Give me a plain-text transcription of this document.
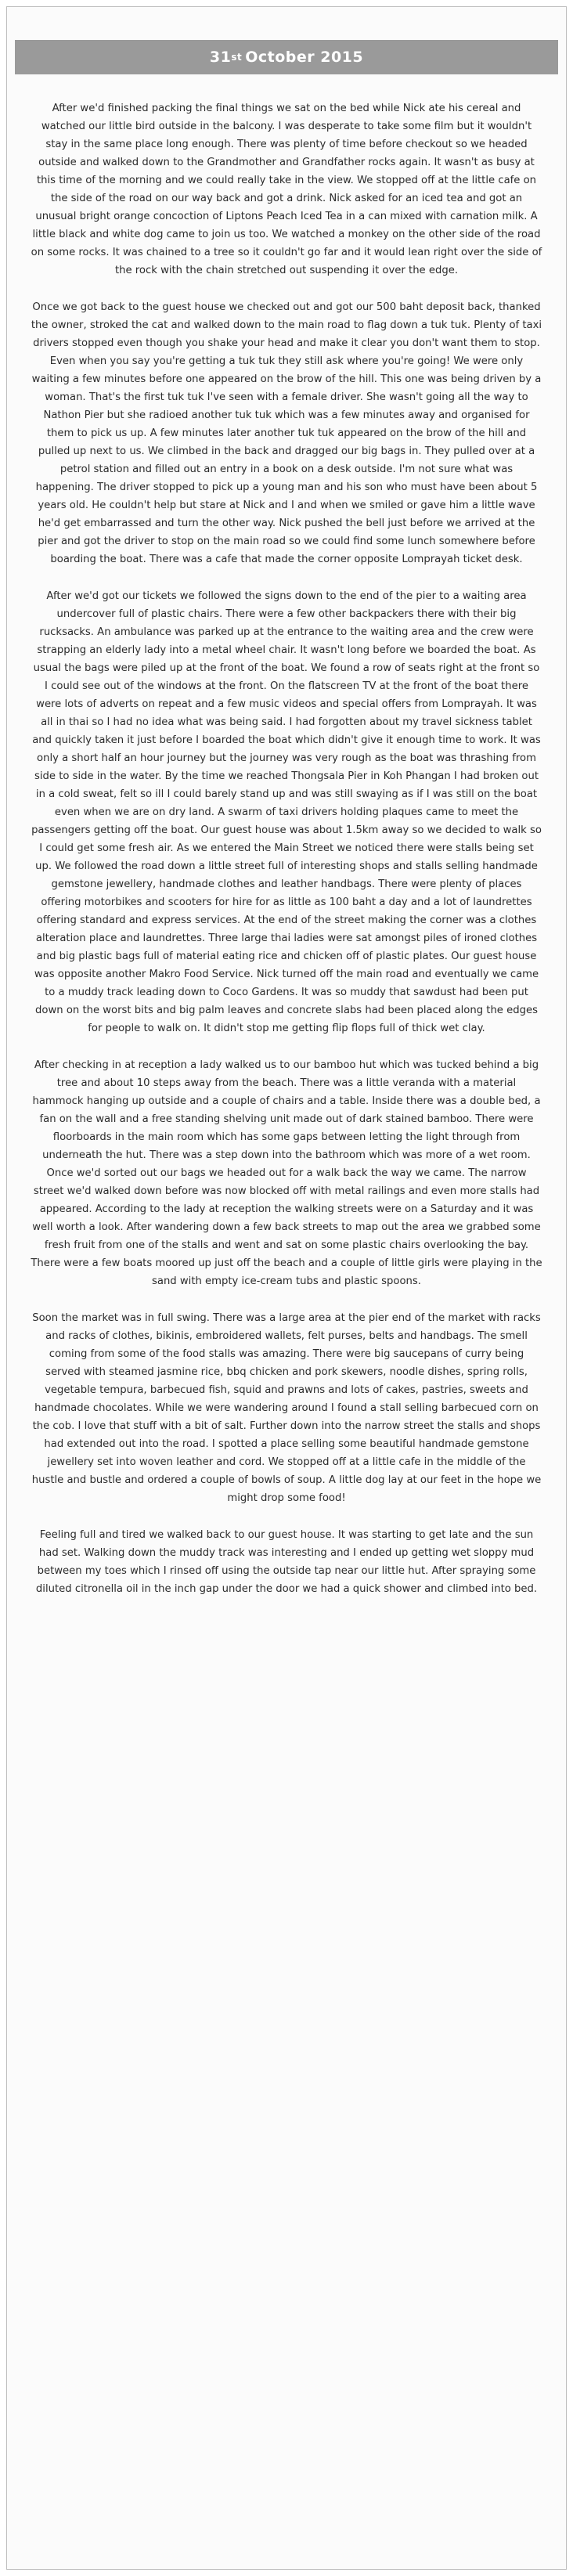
31 st October 2015

After we'd finished packing the final things we sat on the bed while Nick ate his cereal and watched our little bird outside in the balcony. I was desperate to take some film but it wouldn't stay in the same place long enough. There was plenty of time before checkout so we headed outside and walked down to the Grandmother and Grandfather rocks again. It wasn't as busy at this time of the morning and we could really take in the view. We stopped off at the little cafe on the side of the road on our way back and got a drink. Nick asked for an iced tea and got an unusual bright orange concoction of Liptons Peach Iced Tea in a can mixed with carnation milk. A little black and white dog came to join us too. We watched a monkey on the other side of the road on some rocks. It was chained to a tree so it couldn't go far and it would lean right over the side of the rock with the chain stretched out suspending it over the edge.

Once we got back to the guest house we checked out and got our 500 baht deposit back, thanked the owner, stroked the cat and walked down to the main road to flag down a tuk tuk. Plenty of taxi drivers stopped even though you shake your head and make it clear you don't want them to stop. Even when you say you're getting a tuk tuk they still ask where you're going! We were only waiting a few minutes before one appeared on the brow of the hill. This one was being driven by a woman. That's the first tuk tuk I've seen with a female driver. She wasn't going all the way to Nathon Pier but she radioed another tuk tuk which was a few minutes away and organised for them to pick us up. A few minutes later another tuk tuk appeared on the brow of the hill and pulled up next to us. We climbed in the back and dragged our big bags in. They pulled over at a petrol station and filled out an entry in a book on a desk outside. I'm not sure what was happening. The driver stopped to pick up a young man and his son who must have been about 5 years old. He couldn't help but stare at Nick and I and when we smiled or gave him a little wave he'd get embarrassed and turn the other way. Nick pushed the bell just before we arrived at the pier and got the driver to stop on the main road so we could find some lunch somewhere before boarding the boat. There was a cafe that made the corner opposite Lomprayah ticket desk.

After we'd got our tickets we followed the signs down to the end of the pier to a waiting area undercover full of plastic chairs. There were a few other backpackers there with their big rucksacks. An ambulance was parked up at the entrance to the waiting area and the crew were strapping an elderly lady into a metal wheel chair. It wasn't long before we boarded the boat. As usual the bags were piled up at the front of the boat. We found a row of seats right at the front so I could see out of the windows at the front. On the flatscreen TV at the front of the boat there were lots of adverts on repeat and a few music videos and special offers from Lomprayah. It was all in thai so I had no idea what was being said. I had forgotten about my travel sickness tablet and quickly taken it just before I boarded the boat which didn't give it enough time to work. It was only a short half an hour journey but the journey was very rough as the boat was thrashing from side to side in the water. By the time we reached Thongsala Pier in Koh Phangan I had broken out in a cold sweat, felt so ill I could barely stand up and was still swaying as if I was still on the boat even when we are on dry land. A swarm of taxi drivers holding plaques came to meet the passengers getting off the boat. Our guest house was about 1.5km away so we decided to walk so I could get some fresh air. As we entered the Main Street we noticed there were stalls being set up. We followed the road down a little street full of interesting shops and stalls selling handmade gemstone jewellery, handmade clothes and leather handbags. There were plenty of places offering motorbikes and scooters for hire for as little as 100 baht a day and a lot of laundrettes offering standard and express services. At the end of the street making the corner was a clothes alteration place and laundrettes. Three large thai ladies were sat amongst piles of ironed clothes and big plastic bags full of material eating rice and chicken off of plastic plates. Our guest house was opposite another Makro Food Service. Nick turned off the main road and eventually we came to a muddy track leading down to Coco Gardens. It was so muddy that sawdust had been put down on the worst bits and big palm leaves and concrete slabs had been placed along the edges for people to walk on. It didn't stop me getting flip flops full of thick wet clay.

After checking in at reception a lady walked us to our bamboo hut which was tucked behind a big tree and about 10 steps away from the beach. There was a little veranda with a material hammock hanging up outside and a couple of chairs and a table. Inside there was a double bed, a fan on the wall and a free standing shelving unit made out of dark stained bamboo. There were floorboards in the main room which has some gaps between letting the light through from underneath the hut. There was a step down into the bathroom which was more of a wet room. Once we'd sorted out our bags we headed out for a walk back the way we came. The narrow street we'd walked down before was now blocked off with metal railings and even more stalls had appeared. According to the lady at reception the walking streets were on a Saturday and it was well worth a look. After wandering down a few back streets to map out the area we grabbed some fresh fruit from one of the stalls and went and sat on some plastic chairs overlooking the bay. There were a few boats moored up just off the beach and a couple of little girls were playing in the sand with empty ice-cream tubs and plastic spoons.

Soon the market was in full swing. There was a large area at the pier end of the market with racks and racks of clothes, bikinis, embroidered wallets, felt purses, belts and handbags. The smell coming from some of the food stalls was amazing. There were big saucepans of curry being served with steamed jasmine rice, bbq chicken and pork skewers, noodle dishes, spring rolls, vegetable tempura, barbecued fish, squid and prawns and lots of cakes, pastries, sweets and handmade chocolates. While we were wandering around I found a stall selling barbecued corn on the cob. I love that stuff with a bit of salt. Further down into the narrow street the stalls and shops had extended out into the road. I spotted a place selling some beautiful handmade gemstone jewellery set into woven leather and cord. We stopped off at a little cafe in the middle of the hustle and bustle and ordered a couple of bowls of soup. A little dog lay at our feet in the hope we might drop some food!

Feeling full and tired we walked back to our guest house. It was starting to get late and the sun had set. Walking down the muddy track was interesting and I ended up getting wet sloppy mud between my toes which I rinsed off using the outside tap near our little hut. After spraying some diluted citronella oil in the inch gap under the door we had a quick shower and climbed into bed.
